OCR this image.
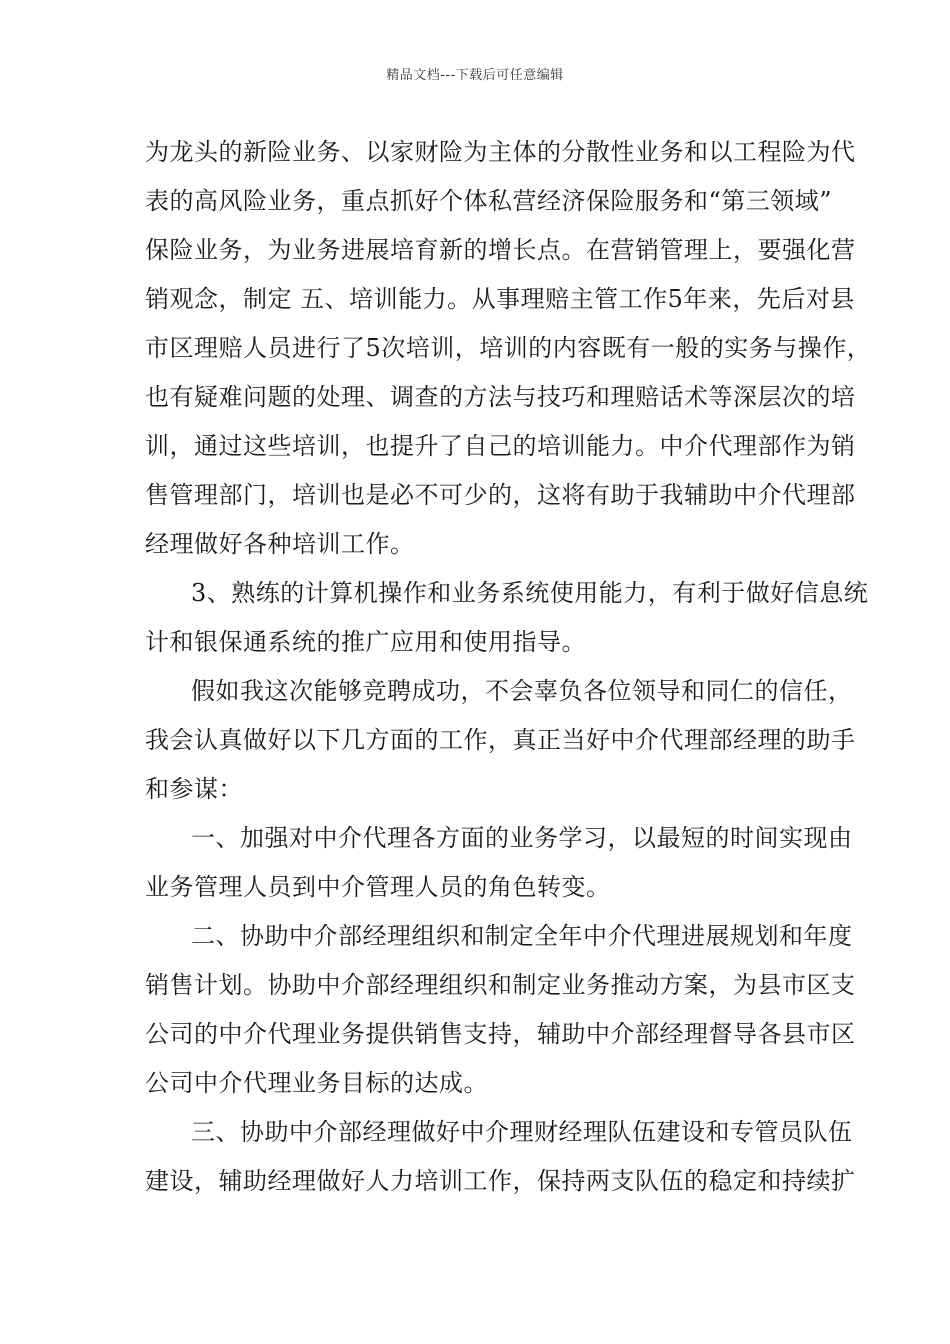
精品文档---下载后可任意编辑
为龙头的新险业务、以家财险为主体的分散性业务和以工程险为代
表的高风险业务，重点抓好个体私营经济保险服务和“第三领域”
保险业务，为业务进展培育新的增长点。在营销管理上，要强化营
销观念，制定 五、培训能力。从事理赔主管工作5年来，先后对县
市区理赔人员进行了5次培训，培训的内容既有一般的实务与操作，
也有疑难问题的处理、调查的方法与技巧和理赔话术等深层次的培
训，通过这些培训，也提升了自己的培训能力。中介代理部作为销
售管理部门，培训也是必不可少的，这将有助于我辅助中介代理部
经理做好各种培训工作。
3、熟练的计算机操作和业务系统使用能力，有利于做好信息统
计和银保通系统的推广应用和使用指导。
假如我这次能够竞聘成功，不会辜负各位领导和同仁的信任，
我会认真做好以下几方面的工作，真正当好中介代理部经理的助手
和参谋：
一、加强对中介代理各方面的业务学习，以最短的时间实现由
业务管理人员到中介管理人员的角色转变。
二、协助中介部经理组织和制定全年中介代理进展规划和年度
销售计划。协助中介部经理组织和制定业务推动方案，为县市区支
公司的中介代理业务提供销售支持，辅助中介部经理督导各县市区
公司中介代理业务目标的达成。
三、协助中介部经理做好中介理财经理队伍建设和专管员队伍
建设，辅助经理做好人力培训工作，保持两支队伍的稳定和持续扩
